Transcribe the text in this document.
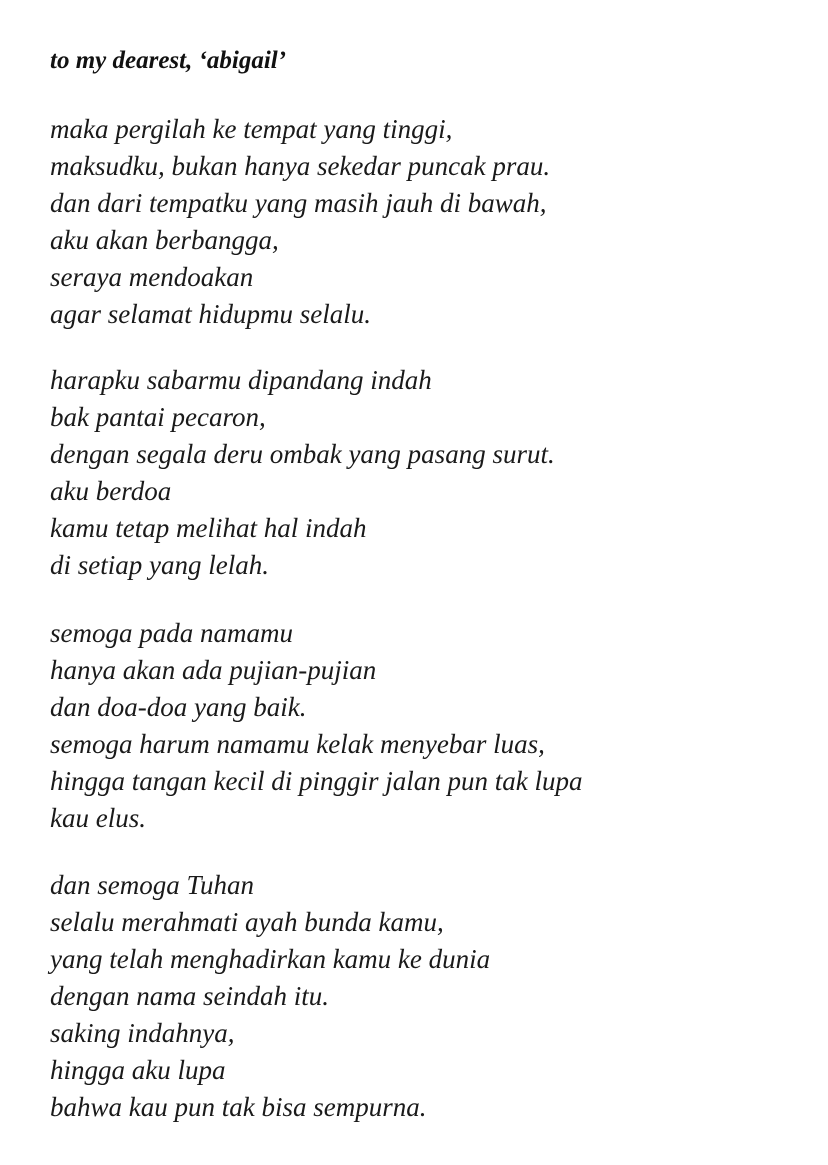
to my dearest, ‘abigail’
maka pergilah ke tempat yang tinggi,
maksudku, bukan hanya sekedar puncak prau.
dan dari tempatku yang masih jauh di bawah,
aku akan berbangga,
seraya mendoakan
agar selamat hidupmu selalu.
harapku sabarmu dipandang indah
bak pantai pecaron,
dengan segala deru ombak yang pasang surut.
aku berdoa
kamu tetap melihat hal indah
di setiap yang lelah.
semoga pada namamu
hanya akan ada pujian-pujian
dan doa-doa yang baik.
semoga harum namamu kelak menyebar luas,
hingga tangan kecil di pinggir jalan pun tak lupa
kau elus.
dan semoga Tuhan
selalu merahmati ayah bunda kamu,
yang telah menghadirkan kamu ke dunia
dengan nama seindah itu.
saking indahnya,
hingga aku lupa
bahwa kau pun tak bisa sempurna.
